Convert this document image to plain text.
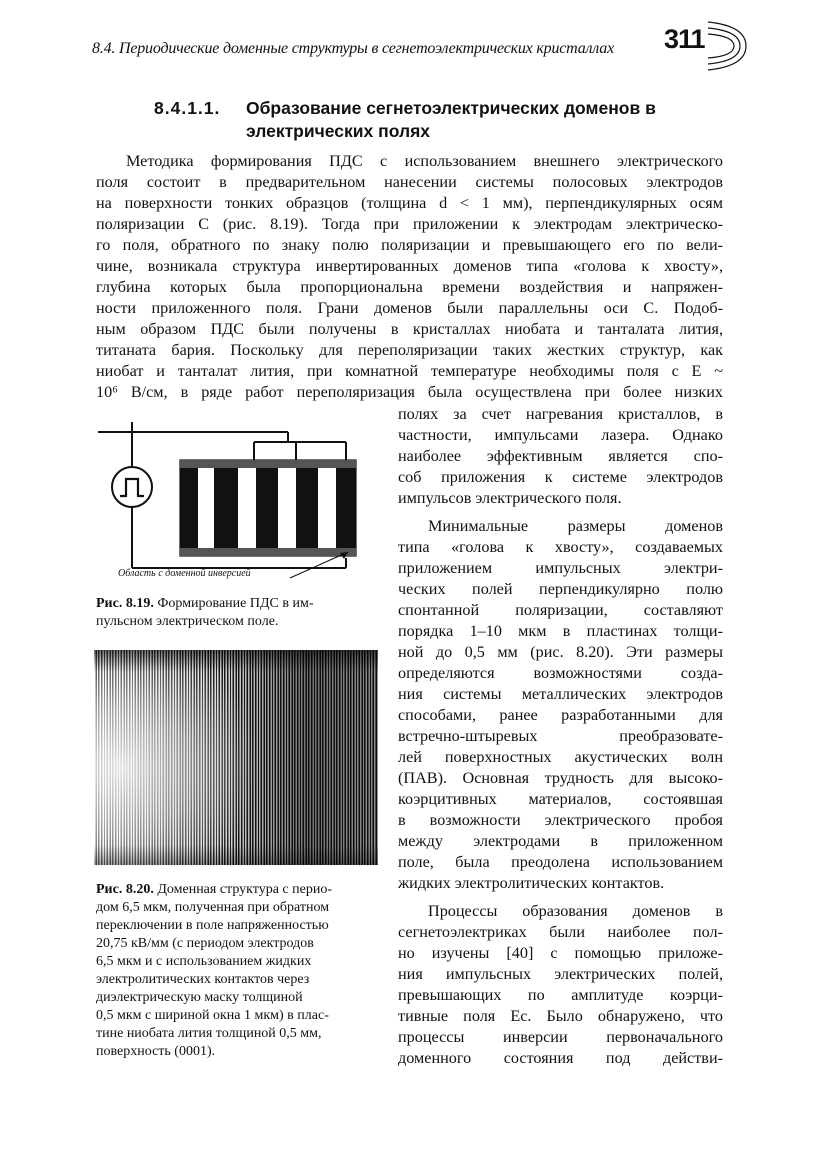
8.4. Периодические доменные структуры в сегнетоэлектрических кристаллах 311
8.4.1.1. Образование сегнетоэлектрических доменов в
электрических полях
Методика формирования ПДС с использованием внешнего электрического
поля состоит в предварительном нанесении системы полосовых электродов
на поверхности тонких образцов (толщина d < 1 мм), перпендикулярных осям
поляризации С (рис. 8.19). Тогда при приложении к электродам электрическо-
го поля, обратного по знаку полю поляризации и превышающего его по вели-
чине, возникала структура инвертированных доменов типа «голова к хвосту»,
глубина которых была пропорциональна времени воздействия и напряжен-
ности приложенного поля. Грани доменов были параллельны оси С. Подоб-
ным образом ПДС были получены в кристаллах ниобата и танталата лития,
титаната бария. Поскольку для переполяризации таких жестких структур, как
ниобат и танталат лития, при комнатной температуре необходимы поля с E ~
10⁶ В/см, в ряде работ переполяризация была осуществлена при более низких
полях за счет нагревания кристаллов, в
частности, импульсами лазера. Однако
наиболее эффективным является спо-
соб приложения к системе электродов
импульсов электрического поля.
Минимальные размеры доменов
типа «голова к хвосту», создаваемых
приложением импульсных электри-
ческих полей перпендикулярно полю
спонтанной поляризации, составляют
порядка 1–10 мкм в пластинах толщи-
ной до 0,5 мм (рис. 8.20). Эти размеры
определяются возможностями созда-
ния системы металлических электродов
способами, ранее разработанными для
встречно-штыревых преобразовате-
лей поверхностных акустических волн
(ПАВ). Основная трудность для высоко-
коэрцитивных материалов, состоявшая
в возможности электрического пробоя
между электродами в приложенном
поле, была преодолена использованием
жидких электролитических контактов.
Процессы образования доменов в
сегнетоэлектриках были наиболее пол-
но изучены [40] с помощью приложе-
ния импульсных электрических полей,
превышающих по амплитуде коэрци-
тивные поля Eс. Было обнаружено, что
процессы инверсии первоначального
доменного состояния под действи-
Область с доменной инверсией
Рис. 8.19. Формирование ПДС в им-
пульсном электрическом поле.
Рис. 8.20. Доменная структура с перио-
дом 6,5 мкм, полученная при обратном
переключении в поле напряженностью
20,75 кВ/мм (с периодом электродов
6,5 мкм и с использованием жидких
электролитических контактов через
диэлектрическую маску толщиной
0,5 мкм с шириной окна 1 мкм) в плас-
тине ниобата лития толщиной 0,5 мм,
поверхность (0001).
